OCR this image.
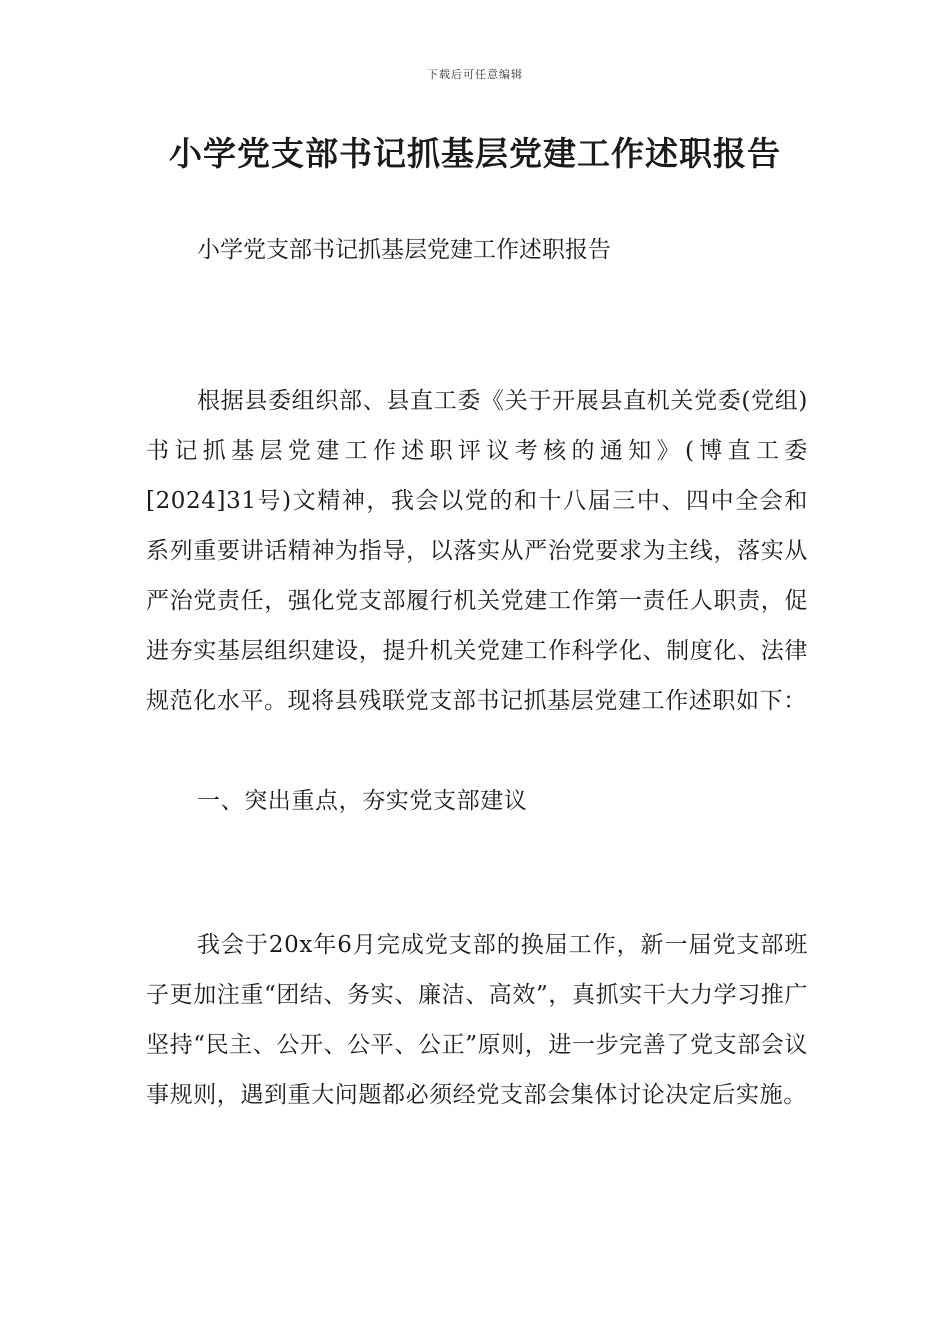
下载后可任意编辑
小学党支部书记抓基层党建工作述职报告

小学党支部书记抓基层党建工作述职报告

根据县委组织部、县直工委《关于开展县直机关党委(党组)书记抓基层党建工作述职评议考核的通知》(博直工委[2024]31号)文精神，我会以党的和十八届三中、四中全会和系列重要讲话精神为指导，以落实从严治党要求为主线，落实从严治党责任，强化党支部履行机关党建工作第一责任人职责，促进夯实基层组织建设，提升机关党建工作科学化、制度化、法律规范化水平。现将县残联党支部书记抓基层党建工作述职如下：

一、突出重点，夯实党支部建议

我会于20x年6月完成党支部的换届工作，新一届党支部班子更加注重“团结、务实、廉洁、高效”，真抓实干大力学习推广坚持“民主、公开、公平、公正”原则，进一步完善了党支部会议事规则，遇到重大问题都必须经党支部会集体讨论决定后实施。
